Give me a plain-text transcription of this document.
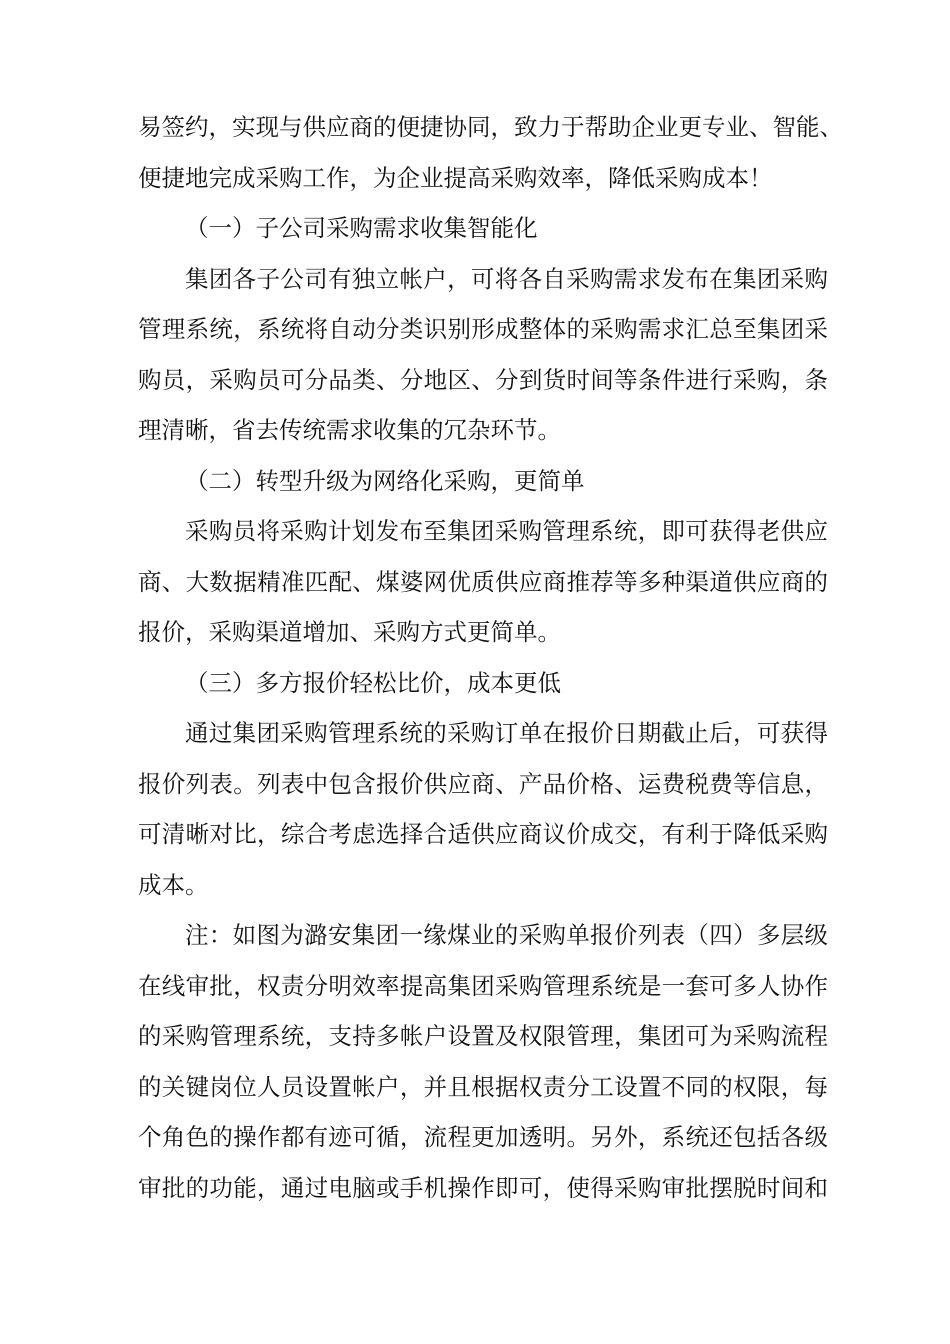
易签约，实现与供应商的便捷协同，致力于帮助企业更专业、智能、
便捷地完成采购工作，为企业提高采购效率，降低采购成本！
（一）子公司采购需求收集智能化
集团各子公司有独立帐户，可将各自采购需求发布在集团采购
管理系统，系统将自动分类识别形成整体的采购需求汇总至集团采
购员，采购员可分品类、分地区、分到货时间等条件进行采购，条
理清晰，省去传统需求收集的冗杂环节。
（二）转型升级为网络化采购，更简单
采购员将采购计划发布至集团采购管理系统，即可获得老供应
商、大数据精准匹配、煤婆网优质供应商推荐等多种渠道供应商的
报价，采购渠道增加、采购方式更简单。
（三）多方报价轻松比价，成本更低
通过集团采购管理系统的采购订单在报价日期截止后，可获得
报价列表。列表中包含报价供应商、产品价格、运费税费等信息，
可清晰对比，综合考虑选择合适供应商议价成交，有利于降低采购
成本。
注：如图为潞安集团一缘煤业的采购单报价列表（四）多层级
在线审批，权责分明效率提高集团采购管理系统是一套可多人协作
的采购管理系统，支持多帐户设置及权限管理，集团可为采购流程
的关键岗位人员设置帐户，并且根据权责分工设置不同的权限，每
个角色的操作都有迹可循，流程更加透明。另外，系统还包括各级
审批的功能，通过电脑或手机操作即可，使得采购审批摆脱时间和
